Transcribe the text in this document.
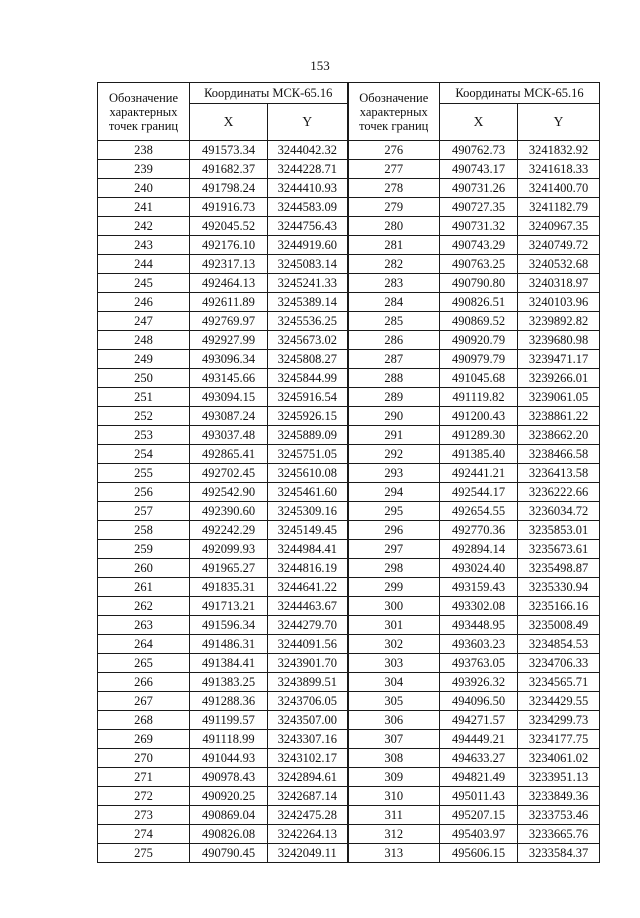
153
Обозначение
характерных
точек границ	Координаты МСК-65.16		Обозначение
характерных
точек границ	Координаты МСК-65.16	
	X	Y		X	Y
238	491573.34	3244042.32	276	490762.73	3241832.92
239	491682.37	3244228.71	277	490743.17	3241618.33
240	491798.24	3244410.93	278	490731.26	3241400.70
241	491916.73	3244583.09	279	490727.35	3241182.79
242	492045.52	3244756.43	280	490731.32	3240967.35
243	492176.10	3244919.60	281	490743.29	3240749.72
244	492317.13	3245083.14	282	490763.25	3240532.68
245	492464.13	3245241.33	283	490790.80	3240318.97
246	492611.89	3245389.14	284	490826.51	3240103.96
247	492769.97	3245536.25	285	490869.52	3239892.82
248	492927.99	3245673.02	286	490920.79	3239680.98
249	493096.34	3245808.27	287	490979.79	3239471.17
250	493145.66	3245844.99	288	491045.68	3239266.01
251	493094.15	3245916.54	289	491119.82	3239061.05
252	493087.24	3245926.15	290	491200.43	3238861.22
253	493037.48	3245889.09	291	491289.30	3238662.20
254	492865.41	3245751.05	292	491385.40	3238466.58
255	492702.45	3245610.08	293	492441.21	3236413.58
256	492542.90	3245461.60	294	492544.17	3236222.66
257	492390.60	3245309.16	295	492654.55	3236034.72
258	492242.29	3245149.45	296	492770.36	3235853.01
259	492099.93	3244984.41	297	492894.14	3235673.61
260	491965.27	3244816.19	298	493024.40	3235498.87
261	491835.31	3244641.22	299	493159.43	3235330.94
262	491713.21	3244463.67	300	493302.08	3235166.16
263	491596.34	3244279.70	301	493448.95	3235008.49
264	491486.31	3244091.56	302	493603.23	3234854.53
265	491384.41	3243901.70	303	493763.05	3234706.33
266	491383.25	3243899.51	304	493926.32	3234565.71
267	491288.36	3243706.05	305	494096.50	3234429.55
268	491199.57	3243507.00	306	494271.57	3234299.73
269	491118.99	3243307.16	307	494449.21	3234177.75
270	491044.93	3243102.17	308	494633.27	3234061.02
271	490978.43	3242894.61	309	494821.49	3233951.13
272	490920.25	3242687.14	310	495011.43	3233849.36
273	490869.04	3242475.28	311	495207.15	3233753.46
274	490826.08	3242264.13	312	495403.97	3233665.76
275	490790.45	3242049.11	313	495606.15	3233584.37
